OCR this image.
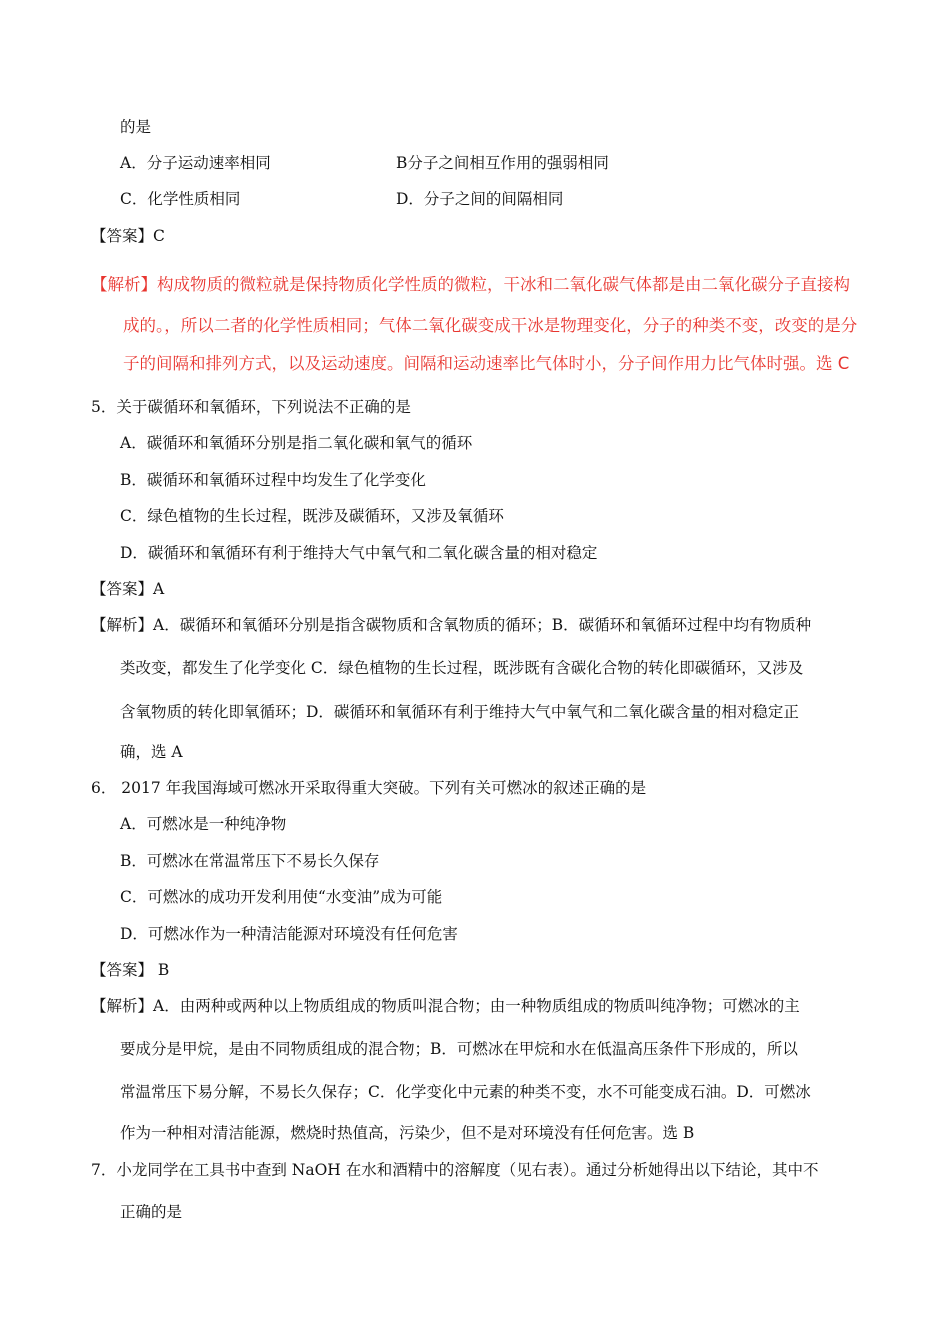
的是
A．分子运动速率相同	B分子之间相互作用的强弱相同
C．化学性质相同	D．分子之间的间隔相同
【答案】C
【解析】构成物质的微粒就是保持物质化学性质的微粒，干冰和二氧化碳气体都是由二氧化碳分子直接构
成的。，所以二者的化学性质相同；气体二氧化碳变成干冰是物理变化，分子的种类不变，改变的是分
子的间隔和排列方式，以及运动速度。间隔和运动速率比气体时小，分子间作用力比气体时强。选 C
5．关于碳循环和氧循环，下列说法不正确的是
A．碳循环和氧循环分别是指二氧化碳和氧气的循环
B．碳循环和氧循环过程中均发生了化学变化
C．绿色植物的生长过程，既涉及碳循环，又涉及氧循环
D．碳循环和氧循环有利于维持大气中氧气和二氧化碳含量的相对稳定
【答案】A
【解析】A．碳循环和氧循环分别是指含碳物质和含氧物质的循环；B．碳循环和氧循环过程中均有物质种
类改变，都发生了化学变化 C．绿色植物的生长过程，既涉既有含碳化合物的转化即碳循环，又涉及
含氧物质的转化即氧循环；D．碳循环和氧循环有利于维持大气中氧气和二氧化碳含量的相对稳定正
确，选 A
6． 2017 年我国海域可燃冰开采取得重大突破。下列有关可燃冰的叙述正确的是
A．可燃冰是一种纯净物
B．可燃冰在常温常压下不易长久保存
C．可燃冰的成功开发利用使“水变油”成为可能
D．可燃冰作为一种清洁能源对环境没有任何危害
【答案】 B
【解析】A．由两种或两种以上物质组成的物质叫混合物；由一种物质组成的物质叫纯净物；可燃冰的主
要成分是甲烷，是由不同物质组成的混合物；B．可燃冰在甲烷和水在低温高压条件下形成的，所以
常温常压下易分解，不易长久保存；C．化学变化中元素的种类不变，水不可能变成石油。D．可燃冰
作为一种相对清洁能源，燃烧时热值高，污染少，但不是对环境没有任何危害。选 B
7．小龙同学在工具书中查到 NaOH 在水和酒精中的溶解度（见右表）。通过分析她得出以下结论，其中不
正确的是
